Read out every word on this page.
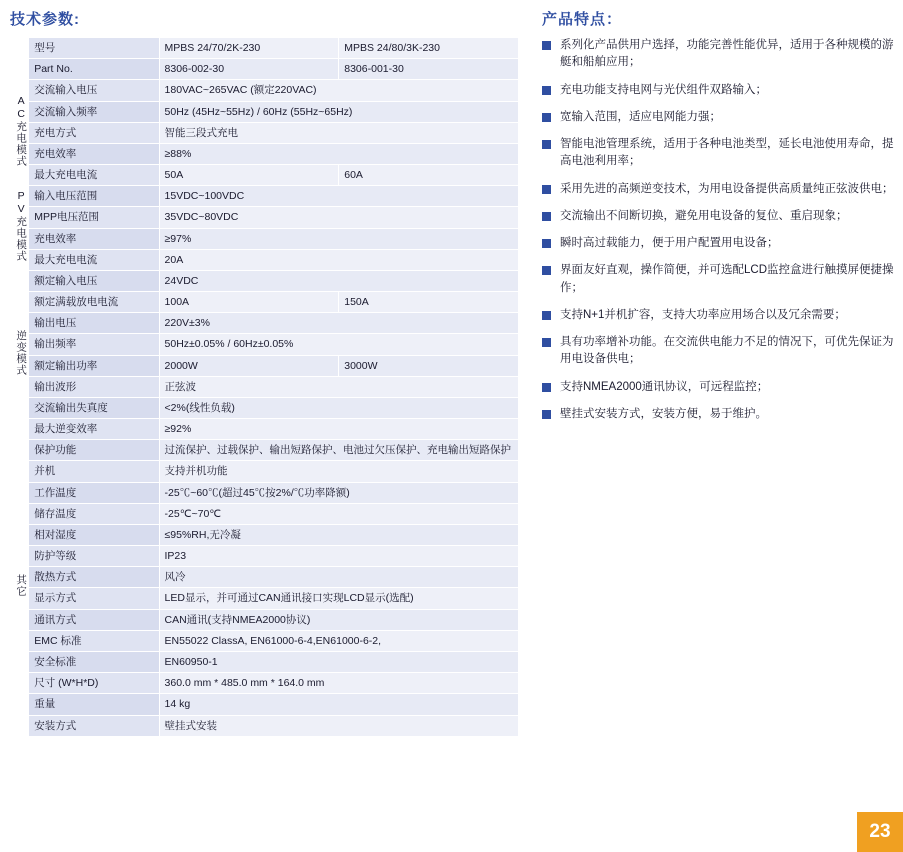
技术参数:
	型号	MPBS 24/70/2K-230	MPBS 24/80/3K-230
	Part No.	8306-002-30	8306-001-30
AC充电模式	交流输入电压	180VAC~265VAC (额定220VAC)	
	交流输入频率	50Hz (45Hz~55Hz) / 60Hz (55Hz~65Hz)	
	充电方式	智能三段式充电	
	充电效率	≥88%	
	最大充电电流	50A	60A
PV充电模式	输入电压范围	15VDC~100VDC	
	MPP电压范围	35VDC~80VDC	
	充电效率	≥97%	
	最大充电电流	20A	
逆变模式	额定输入电压	24VDC	
	额定满载放电电流	100A	150A
	输出电压	220V±3%	
	输出频率	50Hz±0.05% / 60Hz±0.05%	
	额定输出功率	2000W	3000W
	输出波形	正弦波	
	交流输出失真度	<2%(线性负载)	
	最大逆变效率	≥92%	
其它	保护功能	过流保护、过载保护、输出短路保护、电池过欠压保护、充电输出短路保护	
	并机	支持并机功能	
	工作温度	-25℃~60℃(超过45℃按2%/℃功率降额)	
	储存温度	-25℃~70℃	
	相对湿度	≤95%RH,无冷凝	
	防护等级	IP23	
	散热方式	风冷	
	显示方式	LED显示，并可通过CAN通讯接口实现LCD显示(选配)	
	通讯方式	CAN通讯(支持NMEA2000协议)	
	EMC 标准	EN55022 ClassA, EN61000-6-4,EN61000-6-2,	
	安全标准	EN60950-1	
	尺寸 (W*H*D)	360.0 mm * 485.0 mm * 164.0 mm	
	重量	14 kg	
	安装方式	壁挂式安装	
产品特点：
系列化产品供用户选择，功能完善性能优异，适用于各种规模的游艇和船舶应用；
充电功能支持电网与光伏组件双路输入；
宽输入范围，适应电网能力强；
智能电池管理系统，适用于各种电池类型，延长电池使用寿命，提高电池利用率；
采用先进的高频逆变技术，为用电设备提供高质量纯正弦波供电；
交流输出不间断切换，避免用电设备的复位、重启现象；
瞬时高过载能力，便于用户配置用电设备；
界面友好直观，操作简便，并可选配LCD监控盒进行触摸屏便捷操作；
支持N+1并机扩容，支持大功率应用场合以及冗余需要；
具有功率增补功能。在交流供电能力不足的情况下，可优先保证为用电设备供电；
支持NMEA2000通讯协议，可远程监控；
壁挂式安装方式，安装方便，易于维护。
23
